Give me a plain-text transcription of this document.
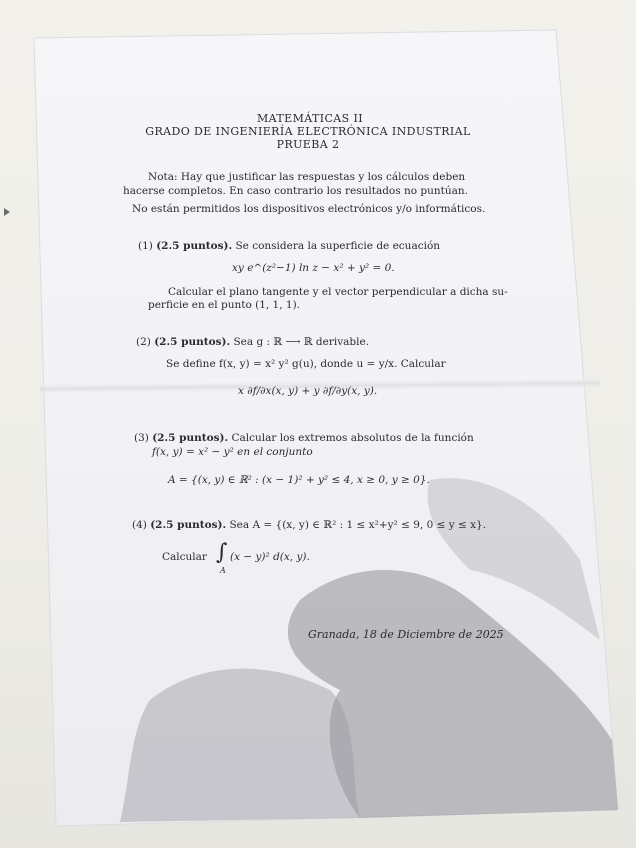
MATEMÁTICAS II
GRADO DE INGENIERÍA ELECTRÓNICA INDUSTRIAL
PRUEBA 2
Nota: Hay que justificar las respuestas y los cálculos deben
hacerse completos. En caso contrario los resultados no puntúan.
No están permitidos los dispositivos electrónicos y/o informáticos.
(1) (2.5 puntos). Se considera la superficie de ecuación
xy e^(z²−1) ln z − x² + y² = 0.
Calcular el plano tangente y el vector perpendicular a dicha su-
perficie en el punto (1, 1, 1).
(2) (2.5 puntos). Sea g : ℝ ⟶ ℝ derivable.
Se define f(x, y) = x² y² g(u), donde u = y/x. Calcular
x ∂f/∂x(x, y) + y ∂f/∂y(x, y).
(3) (2.5 puntos). Calcular los extremos absolutos de la función
f(x, y) = x² − y² en el conjunto
A = {(x, y) ∈ ℝ² : (x − 1)² + y² ≤ 4, x ≥ 0, y ≥ 0}.
(4) (2.5 puntos). Sea A = {(x, y) ∈ ℝ² : 1 ≤ x²+y² ≤ 9, 0 ≤ y ≤ x}.
Calcular ∫
A
(x − y)² d(x, y).
Granada, 18 de Diciembre de 2025
